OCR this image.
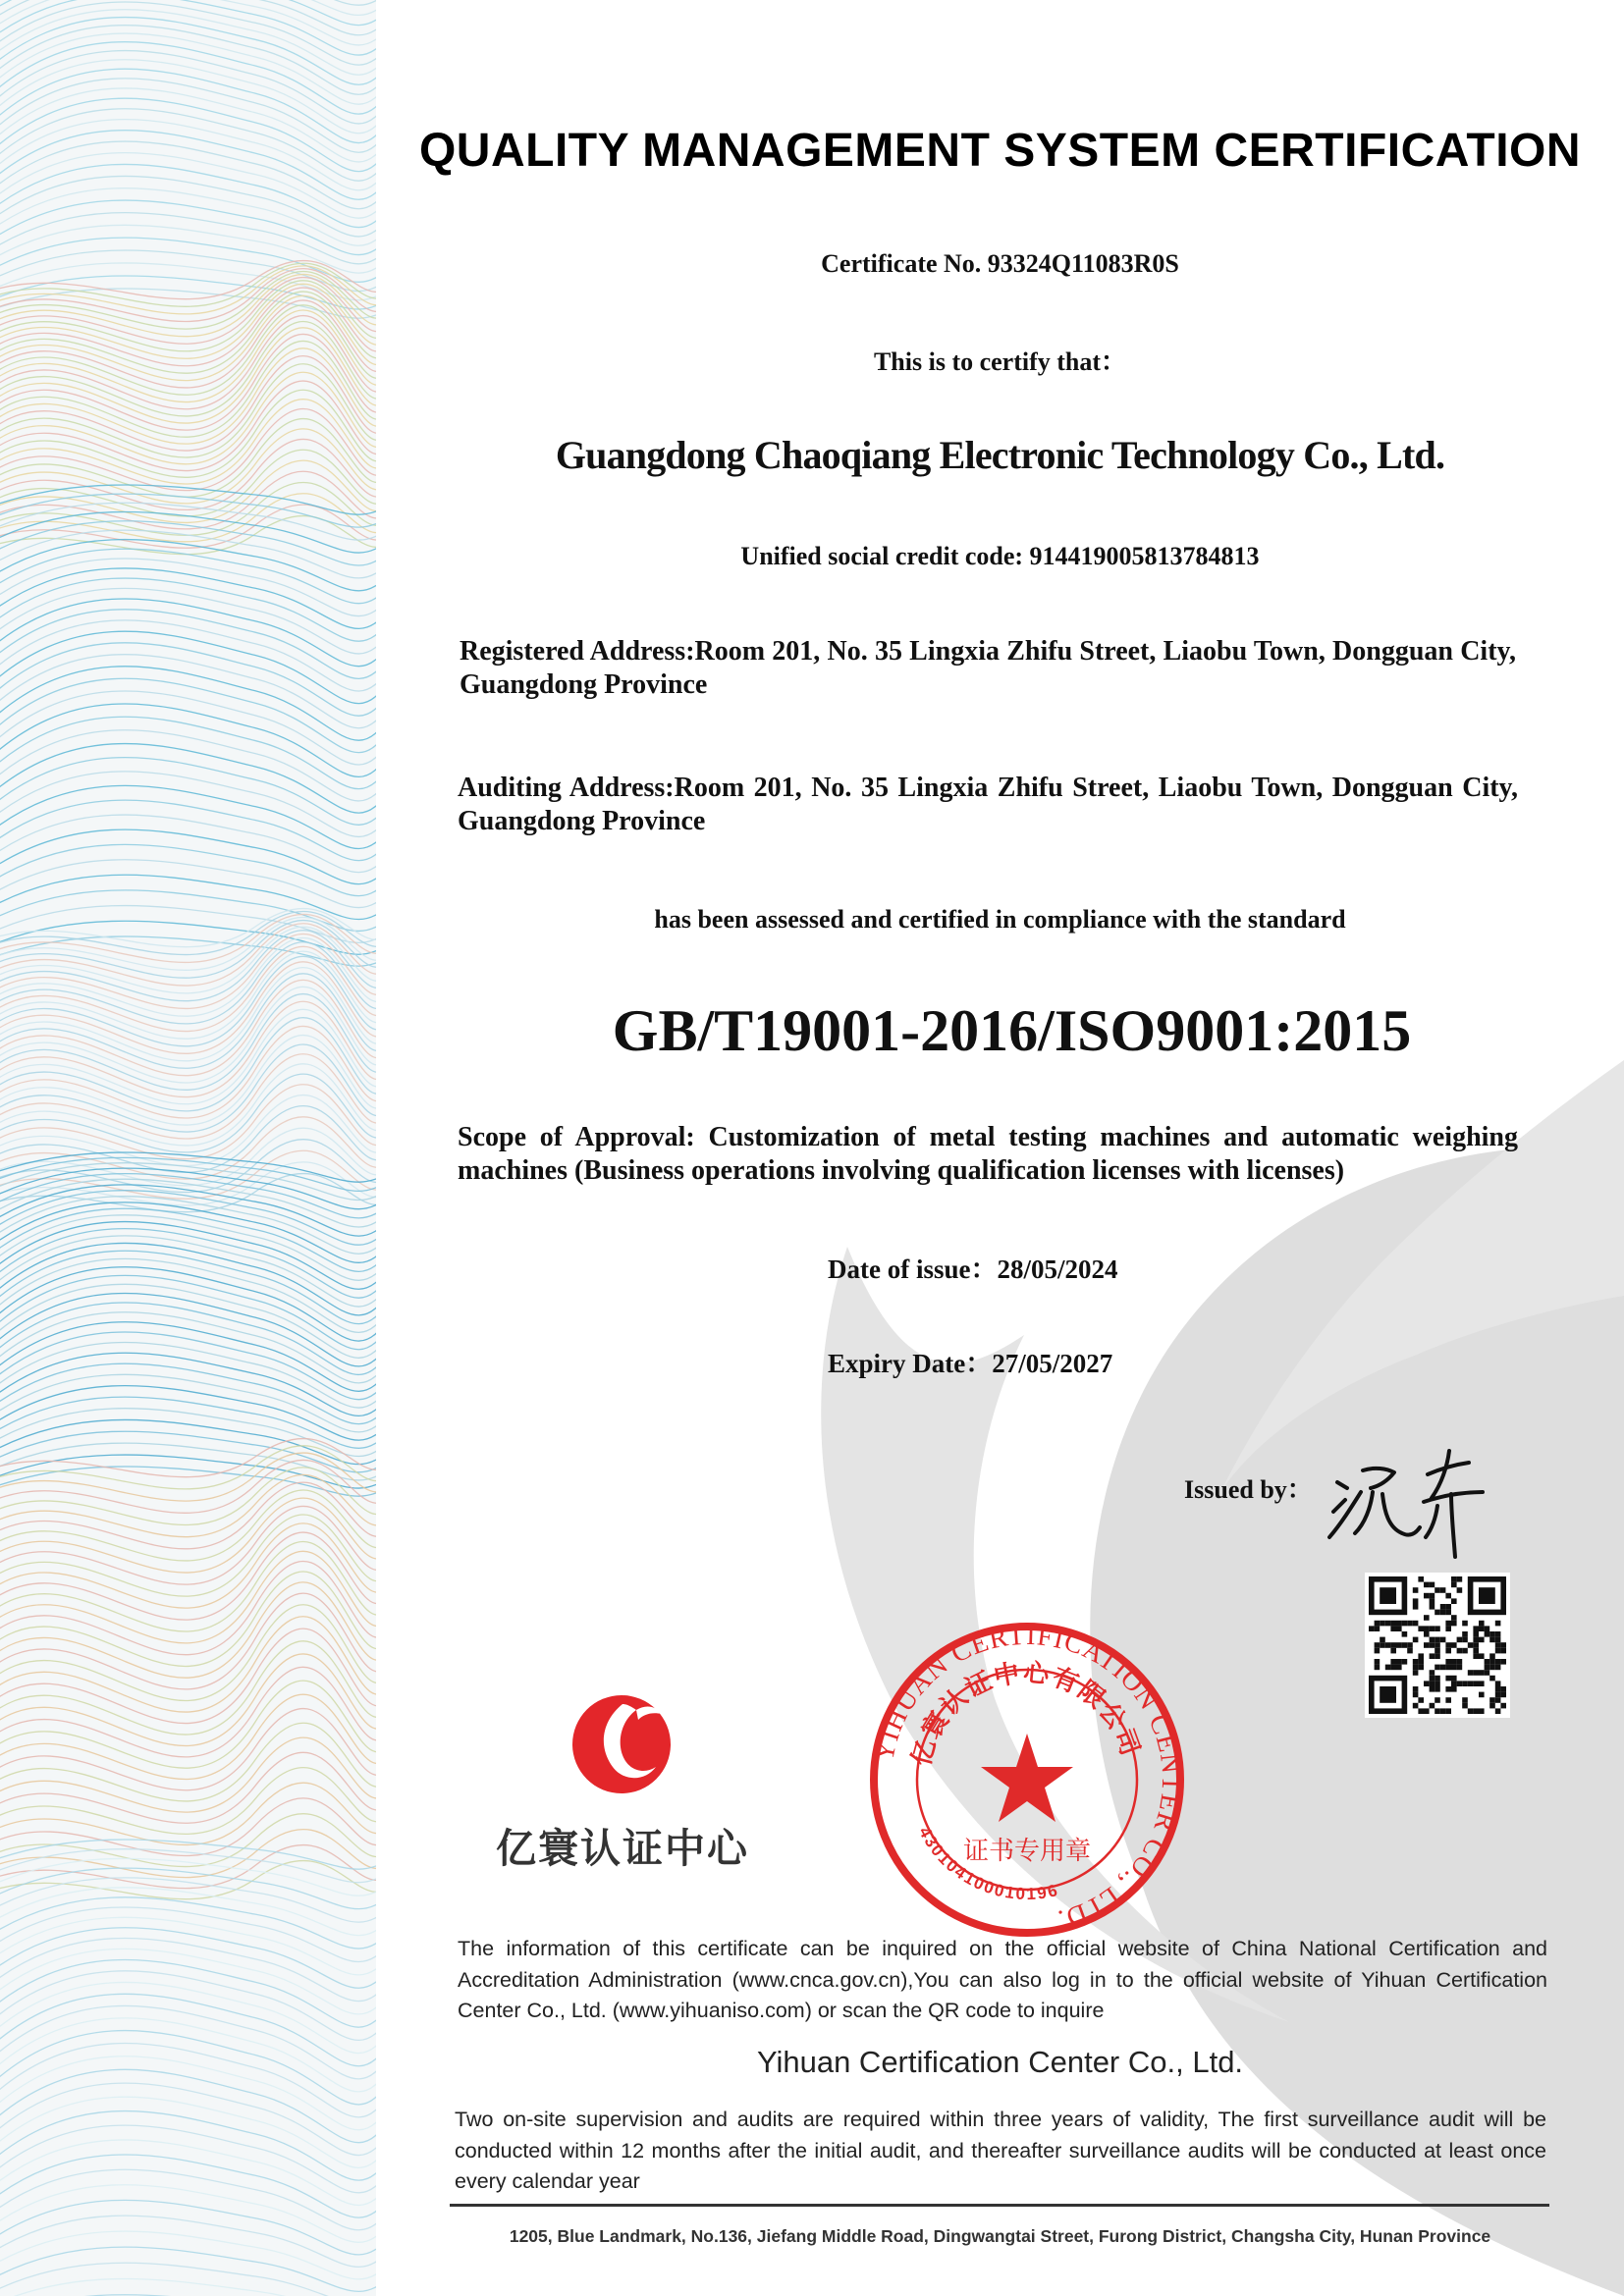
QUALITY MANAGEMENT SYSTEM CERTIFICATION
Certificate No. 93324Q11083R0S
This is to certify that：
Guangdong Chaoqiang Electronic Technology Co., Ltd.
Unified social credit code: 914419005813784813
Registered Address:Room 201, No. 35 Lingxia Zhifu Street, Liaobu Town, Dongguan City, Guangdong Province
Auditing Address:Room 201, No. 35 Lingxia Zhifu Street, Liaobu Town, Dongguan City, Guangdong Province
has been assessed and certified in compliance with the standard
GB/T19001-2016/ISO9001:2015
Scope of Approval: Customization of metal testing machines and automatic weighing machines (Business operations involving qualification licenses with licenses)
Date of issue：28/05/2024
Expiry Date：27/05/2027
Issued by：
亿寰认证中心
YIHUAN CERTIFICATION CENTER CO., LTD.
亿寰认证中心有限公司
430104100010196
证书专用章
The information of this certificate can be inquired on the official website of China National Certification and Accreditation Administration (www.cnca.gov.cn),You can also log in to the official website of Yihuan Certification Center Co., Ltd. (www.yihuaniso.com) or scan the QR code to inquire
Yihuan Certification Center Co., Ltd.
Two on-site supervision and audits are required within three years of validity, The first surveillance audit will be conducted within 12 months after the initial audit, and thereafter surveillance audits will be conducted at least once every calendar year
1205, Blue Landmark, No.136, Jiefang Middle Road, Dingwangtai Street, Furong District, Changsha City, Hunan Province
